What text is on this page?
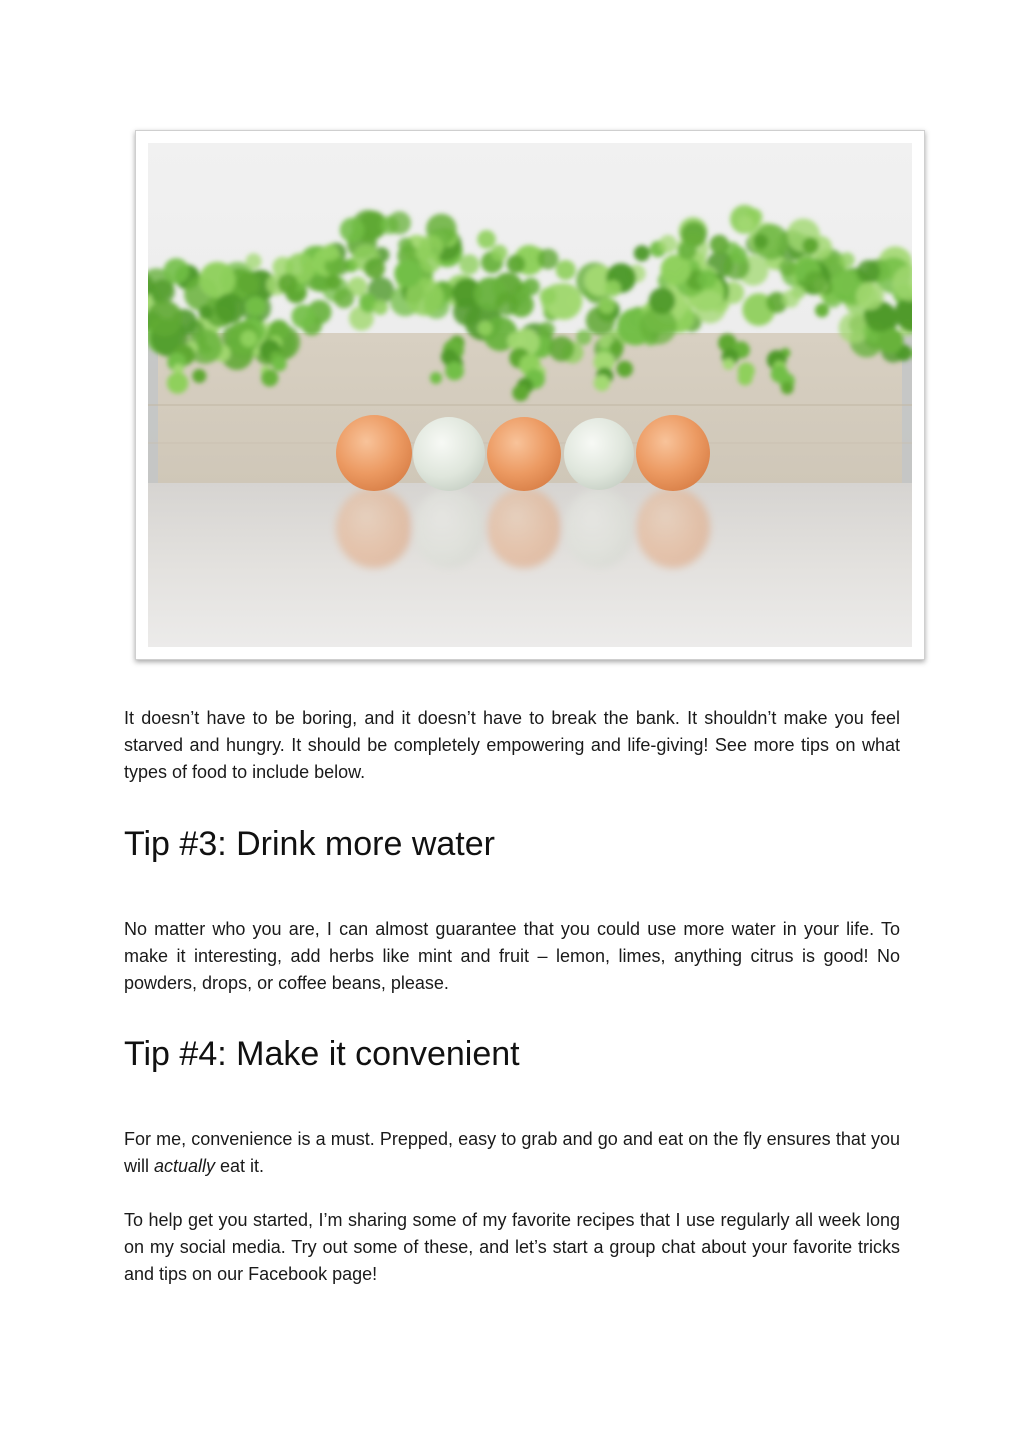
It doesn’t have to be boring, and it doesn’t have to break the bank. It shouldn’t make you feel starved and hungry. It should be completely empowering and life-giving! See more tips on what types of food to include below.

Tip #3: Drink more water

No matter who you are, I can almost guarantee that you could use more water in your life. To make it interesting, add herbs like mint and fruit – lemon, limes, anything citrus is good! No powders, drops, or coffee beans, please.

Tip #4: Make it convenient

For me, convenience is a must. Prepped, easy to grab and go and eat on the fly ensures that you will actually eat it.

To help get you started, I’m sharing some of my favorite recipes that I use regularly all week long on my social media. Try out some of these, and let’s start a group chat about your favorite tricks and tips on our Facebook page!
